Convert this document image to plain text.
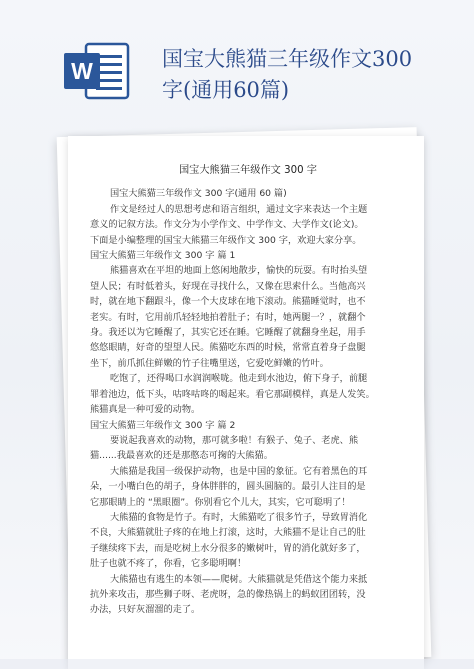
W	国宝大熊猫三年级作文300
字(通用60篇)
国宝大熊猫三年级作文 300 字
国宝大熊猫三年级作文 300 字(通用 60 篇)
作文是经过人的思想考虑和语言组织，通过文字来表达一个主题
意义的记叙方法。作文分为小学作文、中学作文、大学作文(论文)。
下面是小编整理的国宝大熊猫三年级作文 300 字，欢迎大家分享。
国宝大熊猫三年级作文 300 字 篇 1
熊猫喜欢在平坦的地面上悠闲地散步，愉快的玩耍。有时抬头望
望人民；有时低着头，好现在寻找什么，又像在思索什么。当他高兴
时，就在地下翻跟斗，像一个大皮球在地下滚动。熊猫睡觉时，也不
老实。有时，它用前爪轻轻地拍着肚子；有时，她两腿一？，就翻个
身。我还以为它睡醒了，其实它还在睡。它睡醒了就翻身坐起，用手
悠悠眼睛，好奇的望望人民。熊猫吃东西的时候，常常直着身子盘腿
坐下，前爪抓住鲜嫩的竹子往嘴里送，它爱吃鲜嫩的竹叶。
吃饱了，还得喝口水润润喉咙。他走到水池边，俯下身子，前腿
罪着池边，低下头，咕咚咕咚的喝起来。看它那副模样，真是人发笑。
熊猫真是一种可爱的动物。
国宝大熊猫三年级作文 300 字 篇 2
要说起我喜欢的动物，那可就多啦！有猴子、兔子、老虎、熊
猫......我最喜欢的还是那憨态可掬的大熊猫。
大熊猫是我国一级保护动物，也是中国的象征。它有着黑色的耳
朵，一小嘴白色的胡子，身体胖胖的，圆头圆脑的。最引人注目的是
它那眼睛上的 “黑眼圈”。你别看它个儿大，其实，它可聪明了！
大熊猫的食物是竹子。有时，大熊猫吃了很多竹子，导致胃消化
不良，大熊猫就肚子疼的在地上打滚，这时，大熊猫不是让自己的肚
子继续疼下去，而是吃树上水分很多的嫩树叶，胃的消化就好多了，
肚子也就不疼了，你看，它多聪明啊！
大熊猫也有逃生的本领——爬树。大熊猫就是凭借这个能力来抵
抗外来攻击，那些狮子呀、老虎呀，急的像热锅上的蚂蚁团团转，没
办法，只好灰溜溜的走了。
